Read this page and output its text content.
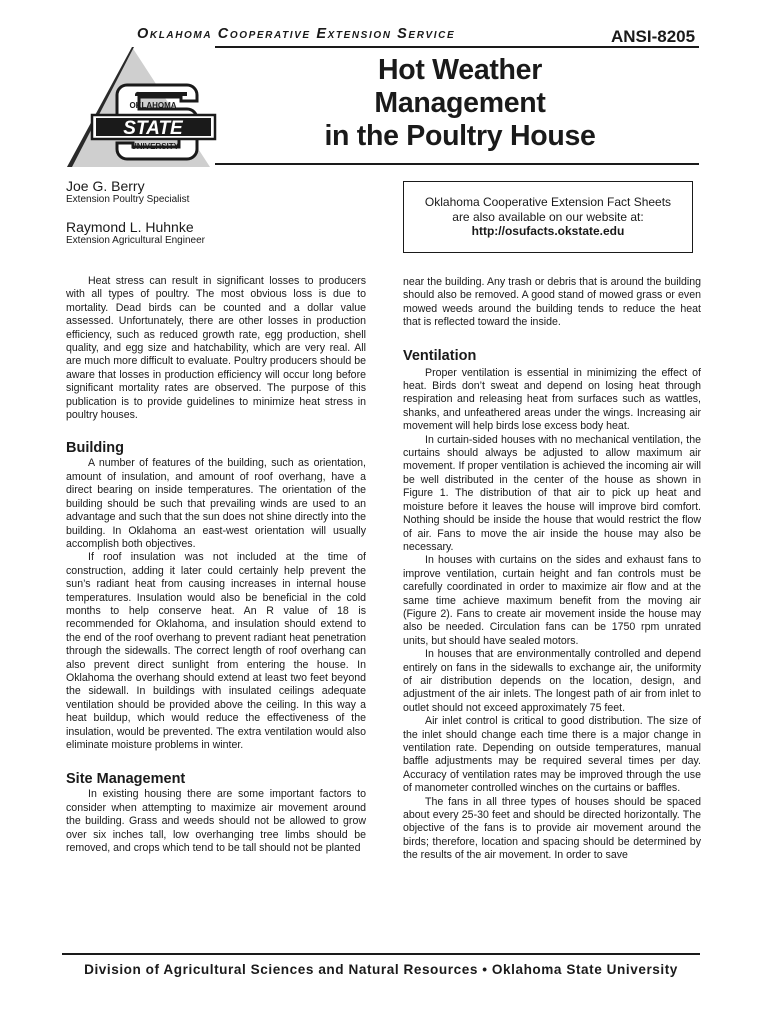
Oklahoma Cooperative Extension Service	ANSI-8205
OKLAHOMA
STATE
UNIVERSITY
Hot Weather
Management
in the Poultry House
Joe G. Berry
Extension Poultry Specialist
Raymond L. Huhnke
Extension Agricultural Engineer
Oklahoma Cooperative Extension Fact Sheets
are also available on our website at:
http://osufacts.okstate.edu

Heat stress can result in significant losses to producers with all types of poultry. The most obvious loss is due to mortality. Dead birds can be counted and a dollar value assessed. Unfortunately, there are other losses in production efficiency, such as reduced growth rate, egg production, shell quality, and egg size and hatchability, which are very real. All are much more difficult to evaluate. Poultry producers should be aware that losses in production efficiency will occur long before significant mortality rates are observed. The purpose of this publication is to provide guidelines to minimize heat stress in poultry houses.

Building

A number of features of the building, such as orientation, amount of insulation, and amount of roof overhang, have a direct bearing on inside temperatures. The orientation of the building should be such that prevailing winds are used to an advantage and such that the sun does not shine directly into the building. In Oklahoma an east-west orientation will usually accomplish both objectives.

If roof insulation was not included at the time of construction, adding it later could certainly help prevent the sun’s radiant heat from causing increases in internal house temperatures. Insulation would also be beneficial in the cold months to help conserve heat. An R value of 18 is recommended for Oklahoma, and insulation should extend to the end of the roof overhang to prevent radiant heat penetration through the sidewalls. The correct length of roof overhang can also prevent direct sunlight from entering the house. In Oklahoma the overhang should extend at least two feet beyond the sidewall. In buildings with insulated ceilings adequate ventilation should be provided above the ceiling. In this way a heat buildup, which would reduce the effectiveness of the insulation, would be prevented. The extra ventilation would also eliminate moisture problems in winter.

Site Management

In existing housing there are some important factors to consider when attempting to maximize air movement around the building. Grass and weeds should not be allowed to grow over six inches tall, low overhanging tree limbs should be removed, and crops which tend to be tall should not be planted

near the building. Any trash or debris that is around the building should also be removed. A good stand of mowed grass or even mowed weeds around the building tends to reduce the heat that is reflected toward the inside.

Ventilation

Proper ventilation is essential in minimizing the effect of heat. Birds don’t sweat and depend on losing heat through respiration and releasing heat from surfaces such as wattles, shanks, and unfeathered areas under the wings. Increasing air movement will help birds lose excess body heat.

In curtain-sided houses with no mechanical ventilation, the curtains should always be adjusted to allow maximum air movement. If proper ventilation is achieved the incoming air will be well distributed in the center of the house as shown in Figure 1. The distribution of that air to pick up heat and moisture before it leaves the house will improve bird comfort. Nothing should be inside the house that would restrict the flow of air. Fans to move the air inside the house may also be necessary.

In houses with curtains on the sides and exhaust fans to improve ventilation, curtain height and fan controls must be carefully coordinated in order to maximize air flow and at the same time achieve maximum benefit from the moving air (Figure 2). Fans to create air movement inside the house may also be needed. Circulation fans can be 1750 rpm unrated units, but should have sealed motors.

In houses that are environmentally controlled and depend entirely on fans in the sidewalls to exchange air, the uniformity of air distribution depends on the location, design, and adjustment of the air inlets. The longest path of air from inlet to outlet should not exceed approximately 75 feet.

Air inlet control is critical to good distribution. The size of the inlet should change each time there is a major change in ventilation rate. Depending on outside temperatures, manual baffle adjustments may be required several times per day. Accuracy of ventilation rates may be improved through the use of manometer controlled winches on the curtains or baffles.

The fans in all three types of houses should be spaced about every 25-30 feet and should be directed horizontally. The objective of the fans is to provide air movement around the birds; therefore, location and spacing should be determined by the results of the air movement. In order to save

Division of Agricultural Sciences and Natural Resources • Oklahoma State University
